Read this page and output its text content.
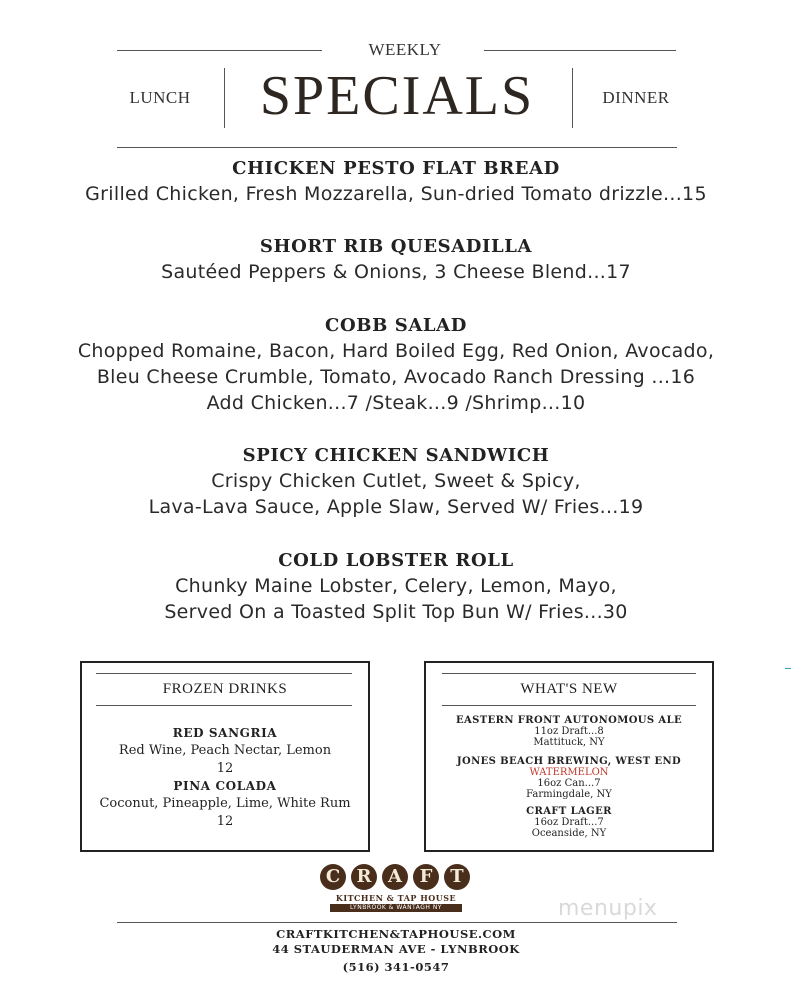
WEEKLY
LUNCH	SPECIALS	DINNER
CHICKEN PESTO FLAT BREAD
Grilled Chicken, Fresh Mozzarella, Sun-dried Tomato drizzle...15
SHORT RIB QUESADILLA
Sautéed Peppers & Onions, 3 Cheese Blend...17
COBB SALAD
Chopped Romaine, Bacon, Hard Boiled Egg, Red Onion, Avocado,
Bleu Cheese Crumble, Tomato, Avocado Ranch Dressing ...16
Add Chicken...7 /Steak...9 /Shrimp...10
SPICY CHICKEN SANDWICH
Crispy Chicken Cutlet, Sweet & Spicy,
Lava-Lava Sauce, Apple Slaw, Served W/ Fries...19
COLD LOBSTER ROLL
Chunky Maine Lobster, Celery, Lemon, Mayo,
Served On a Toasted Split Top Bun W/ Fries...30
FROZEN DRINKS
RED SANGRIA
Red Wine, Peach Nectar, Lemon
12
PINA COLADA
Coconut, Pineapple, Lime, White Rum
12
WHAT'S NEW
EASTERN FRONT AUTONOMOUS ALE
11oz Draft...8
Mattituck, NY
JONES BEACH BREWING, WEST END
WATERMELON
16oz Can...7
Farmingdale, NY
CRAFT LAGER
16oz Draft...7
Oceanside, NY
C R A F T
KITCHEN & TAP HOUSE
LYNBROOK & WANTAGH NY	menupix
CRAFTKITCHEN&TAPHOUSE.COM
44 STAUDERMAN AVE - LYNBROOK
(516) 341-0547
